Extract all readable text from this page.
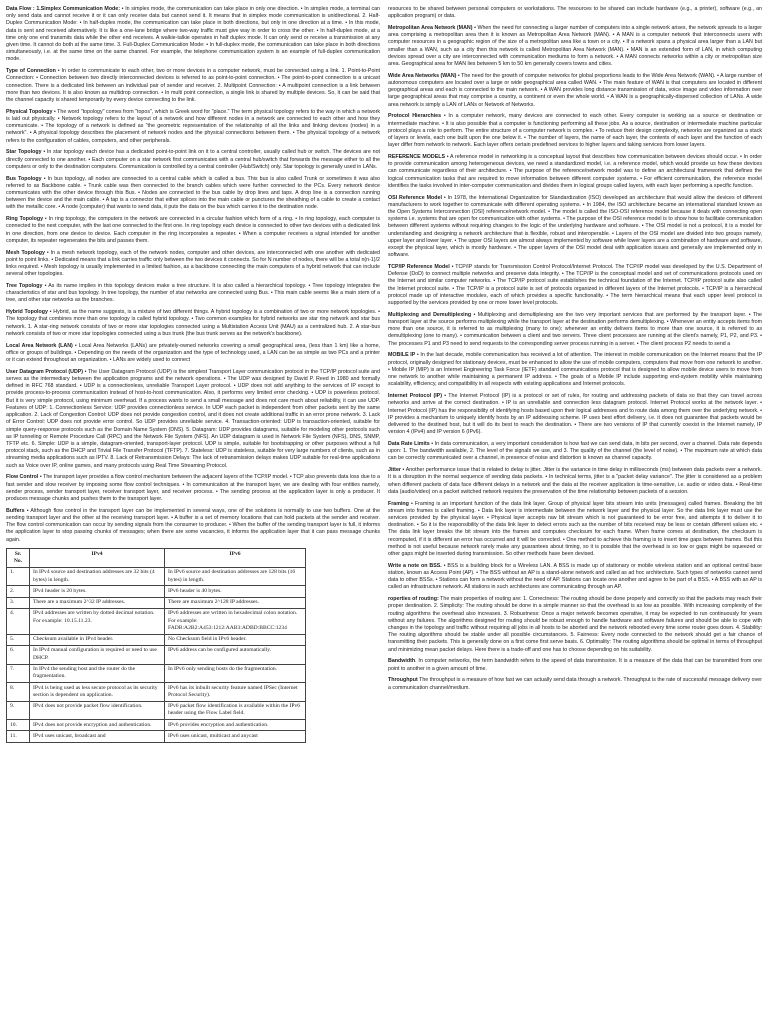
Data Flow : 1.Simplex Communication Mode: • In simplex mode, the communication can take place in only one direction. • In simplex mode, a terminal can only send data and cannot receive it or it can only receive data but cannot send it. It means that in simplex mode communication is unidirectional. 2. Half-Duplex Communication Mode: • In half-duplex mode, the communication can take place in both directions, but only in one direction at a time. • In this mode, data is sent and received alternatively. It is like a one-lane bridge where two-way traffic must give way in order to cross the other. • In half-duplex mode, at a time only one end transmits data while the other end receives. A walkie-talkie operates in half duplex mode. It can only send or receive a transmission at any given time. It cannot do both at the same time. 3. Full-Duplex Communication Mode: • In full-duplex mode, the communication can take place in both directions simultaneously, i.e. at the same time on the same channel. For example, the telephone communication system is an example of full-duplex communication mode.

Type of Connection • In order to communicate to each other, two or more devices in a computer network, must be connected using a link. 1. Point-to-Point Connection: • Connection between two directly interconnected devices is referred to as point-to-point connection. • The point-to-point connection is a unicast connection. There is a dedicated link between an individual pair of sender and receiver. 2. Multipoint Connection: • A multipoint connection is a link between more than two devices. It is also known as multidrop connection. • In multi point connection, a single link is shared by multiple devices. So, it can be said that the channel capacity is shared temporarily by every device connecting to the link.

Physical Topology • The word "topology" comes from "topos", which is Greek word for "place." The term physical topology refers to the way in which a network is laid out physically. • Network topology refers to the layout of a network and how different nodes in a network are connected to each other and how they communicate. • The topology of a network is defined as "the geometric representation of the relationship of all the links and linking devices (nodes) in a network". • A physical topology describes the placement of network nodes and the physical connections between them. • The physical topology of a network refers to the configuration of cables, computers, and other peripherals.

Star Topology • In star topology each device has a dedicated point-to-point link on it to a central controller, usually called hub or switch. The devices are not directly connected to one another. • Each computer on a star network first communicates with a central hub/switch that forwards the message either to all the computers or only to the destination computers. Communication is controlled by a central controller (Hub/Switch) only. Star topology is generally used in LANs.

Bus Topology • In bus topology, all nodes are connected to a central cable which is called a bus. This bus is also called Trunk or sometimes it was also referred to as Backbone cable. • Trunk cable was then connected to the branch cables which were further connected to the PCs. Every network device communicates with the other device through this Bus. • Nodes are connected to the bus cable by drop lines and taps. A drop line is a connection running between the device and the main cable. • A tap is a connector that either splices into the main cable or punctures the sheathing of a cable to create a contact with the metallic core. • A node (computer) that wants to send data, it puts the data on the bus which carries it to the destination node.

Ring Topology • In ring topology, the computers in the network are connected in a circular fashion which form of a ring. • In ring topology, each computer is connected to the next computer, with the last one connected to the first one. In ring topology each device is connected to other two devices with a dedicated link in one direction, from one device to device. Each computer in the ring incorporates a repeater. • When a computer receives a signal intended for another computer, its repeater regenerates the bits and passes them.

Mesh Topology • In a mesh network topology, each of the network nodes, computer and other devices, are interconnected with one another with dedicated point to point links. • Dedicated means that a link carries traffic only between the two devices it connects. So for N number of nodes, there will be a total n(n-1)/2 links required. • Mesh topology is usually implemented in a limited fashion, as a backbone connecting the main computers of a hybrid network that can include several other topologies.

Tree Topology • As its name implies in this topology devices make a tree structure. It is also called a hierarchical topology. • Tree topology integrates the characteristics of star and bus topology. In tree topology, the number of star networks are connected using Bus. • This main cable seems like a main stem of a tree, and other star networks as the branches.

Hybrid Topology • Hybrid, as the name suggests, is a mixture of two different things. A hybrid topology is a combination of two or more network topologies. • The topology that combines more than one topology is called hybrid topology. • Two common examples for hybrid networks are star ring network and star bus network. 1. A star-ring network consists of two or more star topologies connected using a Multistation Access Unit (MAU) as a centralized hub. 2. A star-bus network consists of two or more star topologies connected using a bus trunk (the bus trunk serves as the network's backbone).

Local Area Network (LAN) • Local Area Networks (LANs) are privately-owned networks covering a small geographical area, (less than 1 km) like a home, office or groups of buildings. • Depending on the needs of the organization and the type of technology used, a LAN can be as simple as two PCs and a printer or it can extend throughout an organization. • LANs are widely used to connect

User Datagram Protocol (UDP) • The User Datagram Protocol (UDP) is the simplest Transport Layer communication protocol in the TCP/IP protocol suite and serves as the intermediary between the application programs and the network operations. • The UDP was designed by David P. Reed in 1980 and formally defined in RFC 768 standard. • UDP is a connectionless, unreliable Transport Layer protocol. • UDP does not add anything to the services of IP except to provide process-to-process communication instead of host-to-host communication. Also, it performs very limited error checking. • UDP is powerless protocol. But it is very simple protocol, using minimum overhead. If a process wants to send a small message and does not care much about reliability, it can use UDP. Features of UDP: 1. Connectionless Service: UDP provides connectionless service. In UDP each packet is independent from other packets sent by the same application. 2. Lack of Congestion Control: UDP does not provide congestion control, and it does not create additional traffic in an error prone network. 3. Lack of Error Control: UDP does not provide error control. So UDP provides unreliable service. 4. Transaction-oriented: UDP is transaction-oriented, suitable for simple query-response protocols such as the Domain Name System (DNS). 5. Datagram: UDP provides datagrams, suitable for modeling other protocols such as IP tunneling or Remote Procedure Call (RPC) and the Network File System (NFS). An UDP datagram is used in Network File System (NFS), DNS, SNMP, TFTP etc. 6. Simple: UDP is a simple, datagram-oriented, transport-layer protocol. UDP is simple, suitable for bootstrapping or other purposes without a full protocol stack, such as the DHCP and Trivial File Transfer Protocol (TFTP). 7. Stateless: UDP is stateless, suitable for very large numbers of clients, such as in streaming media applications such as IPTV. 8. Lack of Retransmission Delays: The lack of retransmission delays makes UDP suitable for real-time applications such as Voice over IP, online games, and many protocols using Real Time Streaming Protocol.

Flow Control • The transport layer provides a flow control mechanism between the adjacent layers of the TCP/IP model. • TCP also prevents data loss due to a fast sender and slow receiver by imposing some flow control techniques. • In communication at the transport layer, we are dealing with four entities namely, sender process, sender transport layer, receiver transport layer, and receiver process. • The sending process at the application layer is only a producer. It produces message chunks and pushes them to the transport layer.

Buffers • Although flow control in the transport layer can be implemented in several ways, one of the solutions is normally to use two buffers. One at the sending transport layer and the other at the receiving transport layer. • A buffer is a set of memory locations that can hold packets at the sender and receiver. The flow control communication can occur by sending signals from the consumer to producer. • When the buffer of the sending transport layer is full, it informs the application layer to stop passing chunks of messages; when there are some vacancies, it informs the application layer that it can pass message chunks again.

Sr. No.	IPv4	IPv6
1.	In IPv4 source and destination addresses are 32 bits (4 bytes) in length.	In IPv6 source and destination addresses are 128 bits (16 bytes) in length.
2.	IPv4 header is 20 bytes.	IPv6 header is 40 bytes.
3.	There are a maximum 2^32 IP addresses.	There are maximum 2^128 IP addresses.
4.	IPv4 addresses are written by dotted decimal notation. For example: 10.15.11.23.	IPv6 addresses are written in hexadecimal colon notation. For example: FADB:A2B2:A453:1212:AAB3:ADBD:BBCC:1234
5.	Checksum available in IPv4 header.	No Checksum field in IPv6 header.
6.	In IPv4 manual configuration is required or need to use DHCP.	IPv6 address can be configured automatically.
7.	In IPv4 the sending host and the router do the fragmentation.	In IPv6 only sending hosts do the fragmentation.
8.	IPv4 is being used as less secure protocol as its security section is dependent on application.	IPv6 has its inbuilt security feature named IPSec (Internet Protocol Security).
9.	IPv4 does not provide packet flow identification.	IPv6 packet flow identification is available within the IPv6 header using the Flow Label field.
10.	IPv4 does not provide encryption and authentication.	IPv6 provides encryption and authentication.
11.	IPv4 uses unicast, broadcast and	IPv6 uses unicast, multicast and anycast

resources to be shared between personal computers or workstations. The resources to be shared can include hardware (e.g., a printer), software (e.g., an application program) or data.

Metropolitan Area Network (MAN) • When the need for connecting a larger number of computers into a single network arises, the network spreads to a larger area comprising a metropolitan area then it is known as Metropolitan Area Network (MAN). • A MAN is a computer network that interconnects users with computer resources in a geographic region of the size of a metropolitan area like a town or a city. • If a network spans a physical area larger than a LAN but smaller than a WAN, such as a city then this network is called Metropolitan Area Network (MAN). • MAN is an extended form of LAN, in which computing devices spread over a city are interconnected with communication mediums to form a network. • A MAN connects networks within a city or metropolitan size area. Geographical area for MAN lies between 5 km to 50 km generally covers towns and cities.

Wide Area Networks (WAN) • The need for the growth of computer networks for global proportions leads to the Wide Area Network (WAN). • A large number of autonomous computers are located over a large or wide geographical area called WAN. • The main feature of WAN is that computers are located in different geographical areas and each is connected to the main network. • A WAN provides long distance transmission of data, voice image and video information over large geographical areas that may comprise a country, a continent or even the whole world. • A WAN is a geographically-dispersed collection of LANs. A wide area network is simply a LAN of LANs or Network of Networks.

Protocol Hierarchies • In a computer network, many devices are connected to each other. Every computer is working as a source or destination or intermediate machine. • It is also possible that a computer is functioning performing all these jobs. As a source, destination or intermediate machine particular protocol plays a role to perform. The entire structure of a computer network is complex. • To reduce their design complexity, networks are organized as a stack of layers or levels, each one built upon the one below it. • The number of layers, the name of each layer, the contents of each layer and the function of each layer differ from network to network. Each layer offers certain predefined services to higher layers and taking services from lower layers.

REFERENCE MODELS • A reference model in networking is a conceptual layout that describes how communication between devices should occur. • In order to provide communication among heterogeneous devices, we need a standardized model, i.e. a reference model, which would provide us how these devices can communicate regardless of their architecture. • The purpose of the reference/network model was to define an architectural framework that defines the logical communication tasks that are required to move information between different computer systems. • For efficient communication, the reference model identifies the tasks involved in inter-computer communication and divides them in logical groups called layers, with each layer performing a specific function.

OSI Reference Model • In 1978, the International Organization for Standardization (ISO) developed an architecture that would allow the devices of different manufacturers to work together to communicate with different operating systems. • In 1984, the ISO architecture became an international standard known as the Open Systems Interconnection (OSI) reference/network model. • The model is called the ISO-OSI reference model because it deals with connecting open systems i.e. systems that are open for communication with other systems. • The purpose of the OSI reference model is to show how to facilitate communication between different systems without requiring changes to the logic of the underlying hardware and software. • The OSI model is not a protocol, it is a model for understanding and designing a network architecture that is flexible, robust and interoperable. • Layers of the OSI model are divided into two groups namely, upper layer and lower layer. • The upper OSI layers are almost always implemented by software while lower layers are a combination of hardware and software, except the physical layer, which is mostly hardware. • The upper layers of the OSI model deal with application issues and generally are implemented only in software.

TCP/IP Reference Model • TCP/IP stands for Transmission Control Protocol/Internet Protocol. The TCP/IP model was developed by the U.S. Department of Defense (DoD) to connect multiple networks and preserve data integrity. • The TCP/IP is the conceptual model and set of communications protocols used on the Internet and similar computer networks. • The TCP/IP protocol suite establishes the technical foundation of the Internet. TCP/IP protocol suite also called the Internet protocol suite. • The TCP/IP is a protocol suite is set of protocols organized in different layers of the Internet protocols. • TCP/IP is a hierarchical protocol made up of interactive modules, each of which provides a specific functionality. • The term hierarchical means that each upper level protocol is supported by the services provided by one or more lower level protocols.

Multiplexing and Demultiplexing • Multiplexing and demultiplexing are the two very important services that are performed by the transport layer. • The transport layer at the source performs multiplexing while the transport layer at the destination performs demultiplexing. • Whenever an entity accepts items from more than one source, it is referred to as multiplexing (many to one); whenever an entity delivers items to more than one source, it is referred to as demultiplexing (one to many). • communication between a client and two servers. Three client processes are running at the client's namely, P1, P2, and P3. • The processes P1 and P3 need to send requests to the corresponding server process running in a server. • The client process P2 needs to send a

MOBILE IP • In the last decade, mobile communication has received a lot of attention. The interest in mobile communication on the Internet means that the IP protocol, originally designed for stationary devices, must be enhanced to allow the use of mobile computers, computers that move from one network to another. • Mobile IP (MIP) is an Internet Engineering Task Force (IETF) standard communications protocol that is designed to allow mobile device users to move from one network to another while maintaining a permanent IP address. • The goals of a Mobile IP include supporting end-system mobility while maintaining scalability, efficiency, and compatibility in all respects with existing applications and Internet protocols.

Internet Protocol (IP) • The Internet Protocol (IP) is a protocol or set of rules, for routing and addressing packets of data so that they can travel across networks and arrive at the correct destination. • IP is an unreliable and connection less datagram protocol. Internet Protocol works at the network layer. • Internet Protocol (IP) has the responsibility of identifying hosts based upon their logical addresses and to route data among them over the underlying network. • IP provides a mechanism to uniquely identify hosts by an IP addressing scheme. IP uses best effort delivery, i.e. it does not guarantee that packets would be delivered to the destined host, but it will do its best to reach the destination. • There are two versions of IP that currently coexist in the Internet namely, IP version 4 (IPv4) and IP version 6 (IPv6).

Data Rate Limits • In data communication, a very important consideration is how fast we can send data, in bits per second, over a channel. Data rate depends upon: 1. The bandwidth available, 2. The level of the signals we use, and 3. The quality of the channel (the level of noise). • The maximum rate at which data can be correctly communicated over a channel, in presence of noise and distortion is known as channel capacity.

Jitter • Another performance issue that is related to delay is jitter. Jitter is the variance in time delay in milliseconds (ms) between data packets over a network. It is a disruption in the normal sequence of sending data packets. • In technical terms, jitter is a "packet delay variance". The jitter is considered as a problem when different packets of data face different delays in a network and the data at the receiver application is time-sensitive, i.e. audio or video data. • Real-time data (audio/video) on a packet switched network requires the preservation of the time relationship between packets of a session.

Framing • Framing is an important function of the data link layer. Group of physical layer bits stream into units (messages) called frames. Breaking the bit stream into frames is called framing. • Data link layer is intermediate between the network layer and the physical layer. So the data link layer must use the services provided by the physical layer. • Physical layer accepts raw bit stream which is not guaranteed to be error free, and attempts it to deliver it to destination. • So it is the responsibility of the data link layer to detect errors such as the number of bits received may be less or contain different values etc. • The data link layer breaks the bit stream into the frames and computes checksum for each frame. When frame comes at destination, the checksum is recomputed, if it is different an error has occurred and it will be corrected. • One method to achieve this framing is to insert time gaps between frames. But this method is not useful because network rarely make any guarantees about timing, so it is possible that the overhead is so low or gaps might be squeezed or other gaps might be inserted during transmission. So other methods have been devised.

Write a note on BSS. • BSS is a building block for a Wireless LAN. A BSS is made up of stationary or mobile wireless station and an optional central base station, known as Access Point (AP). • The BSS without an AP is a stand-alone network and called as ad hoc architecture. Such types of networks cannot send data to other BSSs. • Stations can form a network without the need of AP. Stations can locate one another and agree to be part of a BSS. • A BSS with an AP is called an infrastructure network. All stations in such architectures are communicating through an AP.

roperties of routing: The main properties of routing are: 1. Correctness: The routing should be done properly and correctly so that the packets may reach their proper destination. 2. Simplicity: The routing should be done in a simple manner so that the overhead is as low as possible. With increasing complexity of the routing algorithms the overhead also increases. 3. Robustness: Once a major network becomes operative, it may be expected to run continuously for years without any failures. The algorithms designed for routing should be robust enough to handle hardware and software failures and should be able to cope with changes in the topology and traffic without requiring all jobs in all hosts to be aborted and the network rebooted every time some router goes down. 4. Stability: The routing algorithms should be stable under all possible circumstances. 5. Fairness: Every node connected to the network should get a fair chance of transmitting their packets. This is generally done on a first come first serve basis. 6. Optimality: The routing algorithms should be optimal in terms of throughput and minimizing mean packet delays. Here there is a trade-off and one has to choose depending on his suitability.

Bandwidth. In computer networks, the term bandwidth refers to the speed of data transmission. It is a measure of the data that can be transmitted from one point to another in a given amount of time.

Throughput The throughput is a measure of how fast we can actually send data through a network. Throughput is the rate of successful message delivery over a communication channel/medium.
